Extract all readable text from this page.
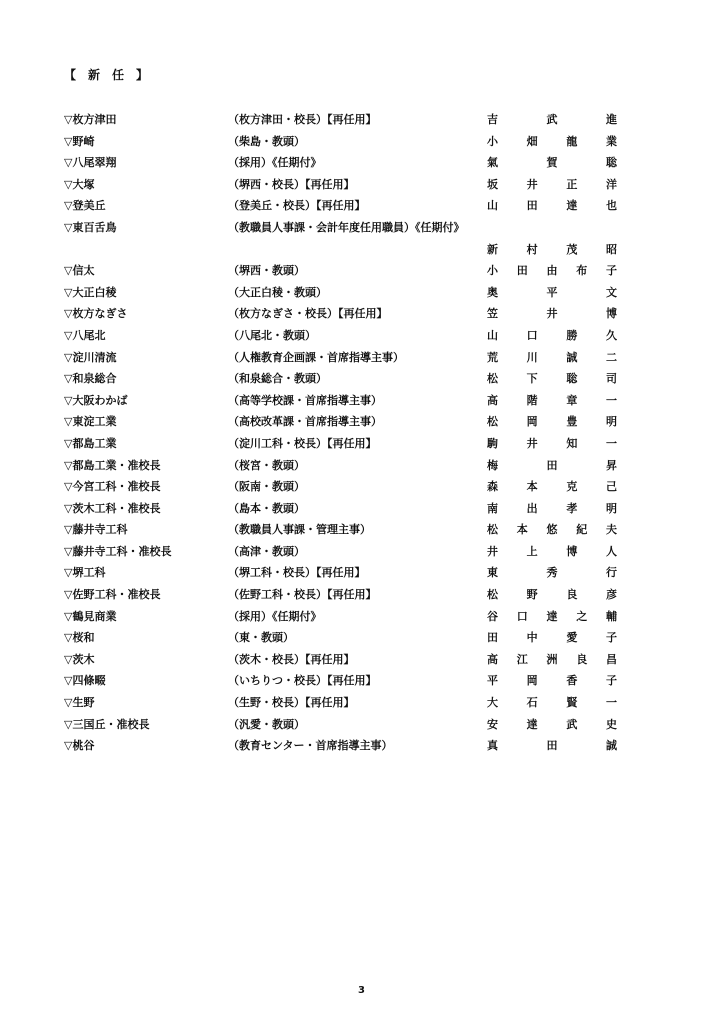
【　新　任　】
▽枚方津田	（枚方津田・校長）【再任用】	吉	武	進
▽野崎	（柴島・教頭）	小	畑	龍	業
▽八尾翠翔	（採用）《任期付》	氣	賀	聡
▽大塚	（堺西・校長）【再任用】	坂	井	正	洋
▽登美丘	（登美丘・校長）【再任用】	山	田	達	也
▽東百舌鳥	（教職員人事課・会計年度任用職員）《任期付》
新	村	茂	昭
▽信太	（堺西・教頭）	小 田 由 布 子
▽大正白稜	（大正白稜・教頭）	奥	平	文
▽枚方なぎさ	（枚方なぎさ・校長）【再任用】	笠	井	博
▽八尾北	（八尾北・教頭）	山	口	勝	久
▽淀川清流	（人権教育企画課・首席指導主事）	荒	川	誠	二
▽和泉総合	（和泉総合・教頭）	松	下	聡	司
▽大阪わかば	（高等学校課・首席指導主事）	高	階	章	一
▽東淀工業	（高校改革課・首席指導主事）	松	岡	豊	明
▽都島工業	（淀川工科・校長）【再任用】	駒	井	知	一
▽都島工業・准校長	（桜宮・教頭）	梅	田	昇
▽今宮工科・准校長	（阪南・教頭）	森	本	克	己
▽茨木工科・准校長	（島本・教頭）	南	出	孝	明
▽藤井寺工科	（教職員人事課・管理主事）	松 本 悠 紀 夫
▽藤井寺工科・准校長	（高津・教頭）	井	上	博	人
▽堺工科	（堺工科・校長）【再任用】	東	秀	行
▽佐野工科・准校長	（佐野工科・校長）【再任用】	松	野	良	彦
▽鶴見商業	（採用）《任期付》	谷 口 達 之 輔
▽桜和	（東・教頭）	田	中	愛	子
▽茨木	（茨木・校長）【再任用】	高 江 洲 良 昌
▽四條畷	（いちりつ・校長）【再任用】	平	岡	香	子
▽生野	（生野・校長）【再任用】	大	石	賢	一
▽三国丘・准校長	（汎愛・教頭）	安	達	武	史
▽桃谷	（教育センター・首席指導主事）	真	田	誠
3
